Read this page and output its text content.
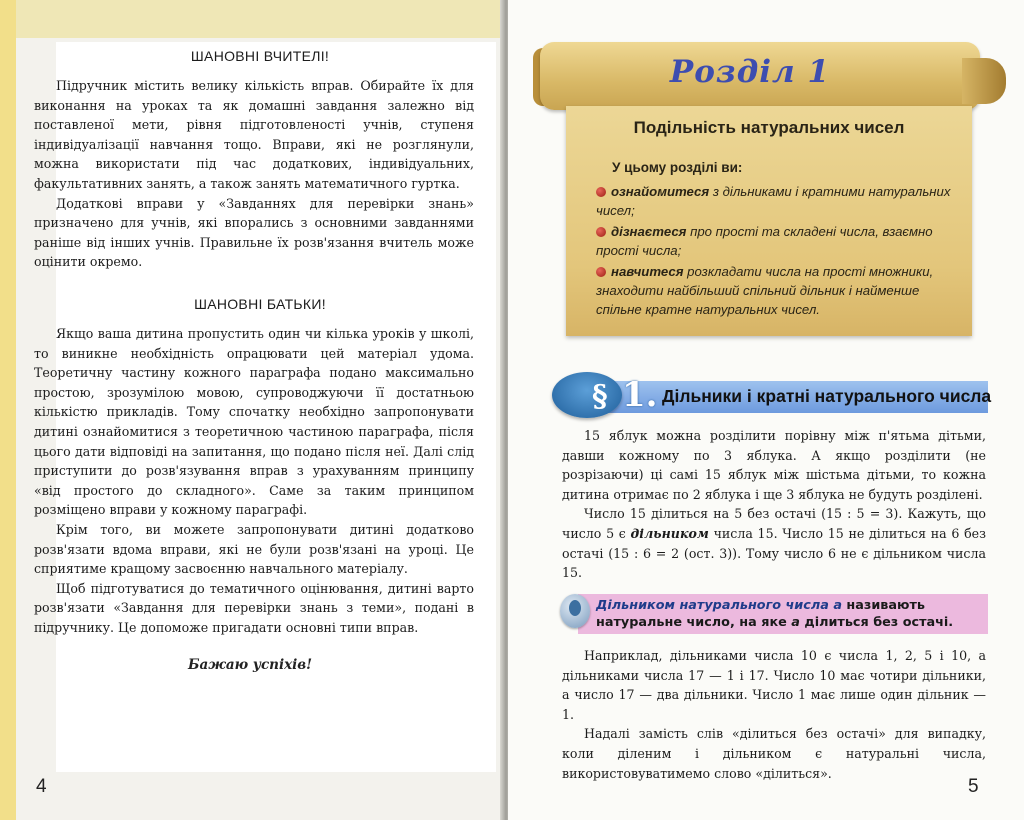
ШАНОВНІ ВЧИТЕЛІ!

Підручник містить велику кількість вправ. Обирайте їх для виконання на уроках та як домашні завдання залежно від поставленої мети, рівня підготовленості учнів, ступеня індивідуалізації навчання тощо. Вправи, які не розглянули, можна використати під час додаткових, індивідуальних, факультативних занять, а також занять математичного гуртка.

Додаткові вправи у «Завданнях для перевірки знань» призначено для учнів, які впорались з основними завданнями раніше від інших учнів. Правильне їх розв'язання вчитель може оцінити окремо.

ШАНОВНІ БАТЬКИ!

Якщо ваша дитина пропустить один чи кілька уроків у школі, то виникне необхідність опрацювати цей матеріал удома. Теоретичну частину кожного параграфа подано максимально простою, зрозумілою мовою, супроводжуючи її достатньою кількістю прикладів. Тому спочатку необхідно запропонувати дитині ознайомитися з теоретичною частиною параграфа, після цього дати відповіді на запитання, що подано після неї. Далі слід приступити до розв'язування вправ з урахуванням принципу «від простого до складного». Саме за таким принципом розміщено вправи у кожному параграфі.

Крім того, ви можете запропонувати дитині додатково розв'язати вдома вправи, які не були розв'язані на уроці. Це сприятиме кращому засвоєнню навчального матеріалу.

Щоб підготуватися до тематичного оцінювання, дитині варто розв'язати «Завдання для перевірки знань з теми», подані в підручнику. Це допоможе пригадати основні типи вправ.

Бажаю успіхів!
4
Розділ 1
Подільність натуральних чисел
У цьому розділі ви:
ознайомитеся з дільниками і кратними натуральних чисел;
дізнаєтеся про прості та складені числа, взаємно прості числа;
навчитеся розкладати числа на прості множники, знаходити найбільший спільний дільник і найменше спільне кратне натуральних чисел.
§ 1. Дільники і кратні натурального числа

15 яблук можна розділити порівну між п'ятьма дітьми, давши кожному по 3 яблука. А якщо розділити (не розрізаючи) ці самі 15 яблук між шістьма дітьми, то кожна дитина отримає по 2 яблука і ще 3 яблука не будуть розділені.

Число 15 ділиться на 5 без остачі (15 : 5 = 3). Кажуть, що число 5 є дільником числа 15. Число 15 не ділиться на 6 без остачі (15 : 6 = 2 (ост. 3)). Тому число 6 не є дільником числа 15.

Дільником натурального числа a називають натуральне число, на яке a ділиться без остачі.

Наприклад, дільниками числа 10 є числа 1, 2, 5 і 10, а дільниками числа 17 — 1 і 17. Число 10 має чотири дільники, а число 17 — два дільники. Число 1 має лише один дільник — 1.

Надалі замість слів «ділиться без остачі» для випадку, коли діленим і дільником є натуральні числа, використовуватимемо слово «ділиться».

5
